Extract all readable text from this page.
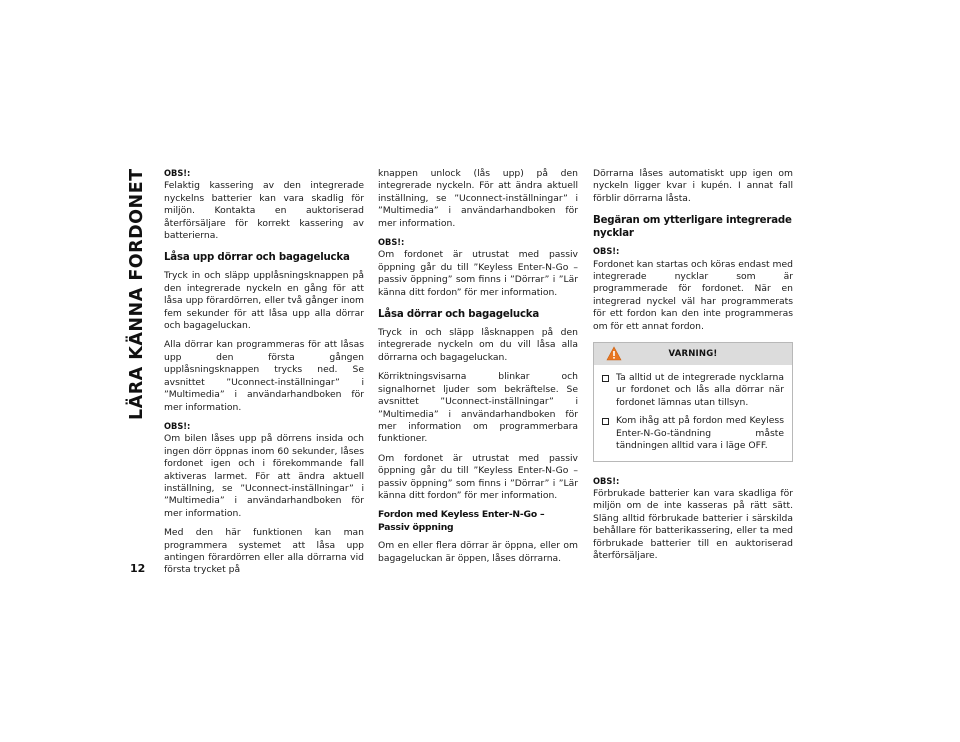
LÄRA KÄNNA FORDONET
12
OBS!:

Felaktig kassering av den integrerade nyckelns batterier kan vara skadlig för miljön. Kontakta en auktoriserad återförsäljare för korrekt kassering av batterierna.

Låsa upp dörrar och bagagelucka

Tryck in och släpp upplåsningsknappen på den integrerade nyckeln en gång för att låsa upp förardörren, eller två gånger inom fem sekunder för att låsa upp alla dörrar och bagageluckan.

Alla dörrar kan programmeras för att låsas upp den första gången upplåsningsknappen trycks ned. Se avsnittet ”Uconnect-inställningar” i ”Multimedia” i användarhandboken för mer information.

OBS!:

Om bilen låses upp på dörrens insida och ingen dörr öppnas inom 60 sekunder, låses fordonet igen och i förekommande fall aktiveras larmet. För att ändra aktuell inställning, se ”Uconnect-inställningar” i ”Multimedia” i användarhandboken för mer information.

Med den här funktionen kan man programmera systemet att låsa upp antingen förardörren eller alla dörrarna vid första trycket på

knappen unlock (lås upp) på den integrerade nyckeln. För att ändra aktuell inställning, se ”Uconnect-inställningar” i ”Multimedia” i användarhandboken för mer information.

OBS!:

Om fordonet är utrustat med passiv öppning går du till ”Keyless Enter-N-Go – passiv öppning” som finns i ”Dörrar” i ”Lär känna ditt fordon” för mer information.

Låsa dörrar och bagagelucka

Tryck in och släpp låsknappen på den integrerade nyckeln om du vill låsa alla dörrarna och bagageluckan.

Körriktningsvisarna blinkar och signalhornet ljuder som bekräftelse. Se avsnittet ”Uconnect-inställningar” i ”Multimedia” i användarhandboken för mer information om programmerbara funktioner.

Om fordonet är utrustat med passiv öppning går du till ”Keyless Enter-N-Go – passiv öppning” som finns i ”Dörrar” i ”Lär känna ditt fordon” för mer information.

Fordon med Keyless Enter-N-Go – Passiv öppning

Om en eller flera dörrar är öppna, eller om bagageluckan är öppen, låses dörrarna.

Dörrarna låses automatiskt upp igen om nyckeln ligger kvar i kupén. I annat fall förblir dörrarna låsta.

Begäran om ytterligare integrerade nycklar
OBS!:

Fordonet kan startas och köras endast med integrerade nycklar som är programmerade för fordonet. När en integrerad nyckel väl har programmerats för ett fordon kan den inte programmeras om för ett annat fordon.

VARNING!

Ta alltid ut de integrerade nycklarna ur fordonet och lås alla dörrar när fordonet lämnas utan tillsyn.

Kom ihåg att på fordon med Keyless Enter-N-Go-tändning måste tändningen alltid vara i läge OFF.

OBS!:

Förbrukade batterier kan vara skadliga för miljön om de inte kasseras på rätt sätt. Släng alltid förbrukade batterier i särskilda behållare för batterikassering, eller ta med förbrukade batterier till en auktoriserad återförsäljare.
